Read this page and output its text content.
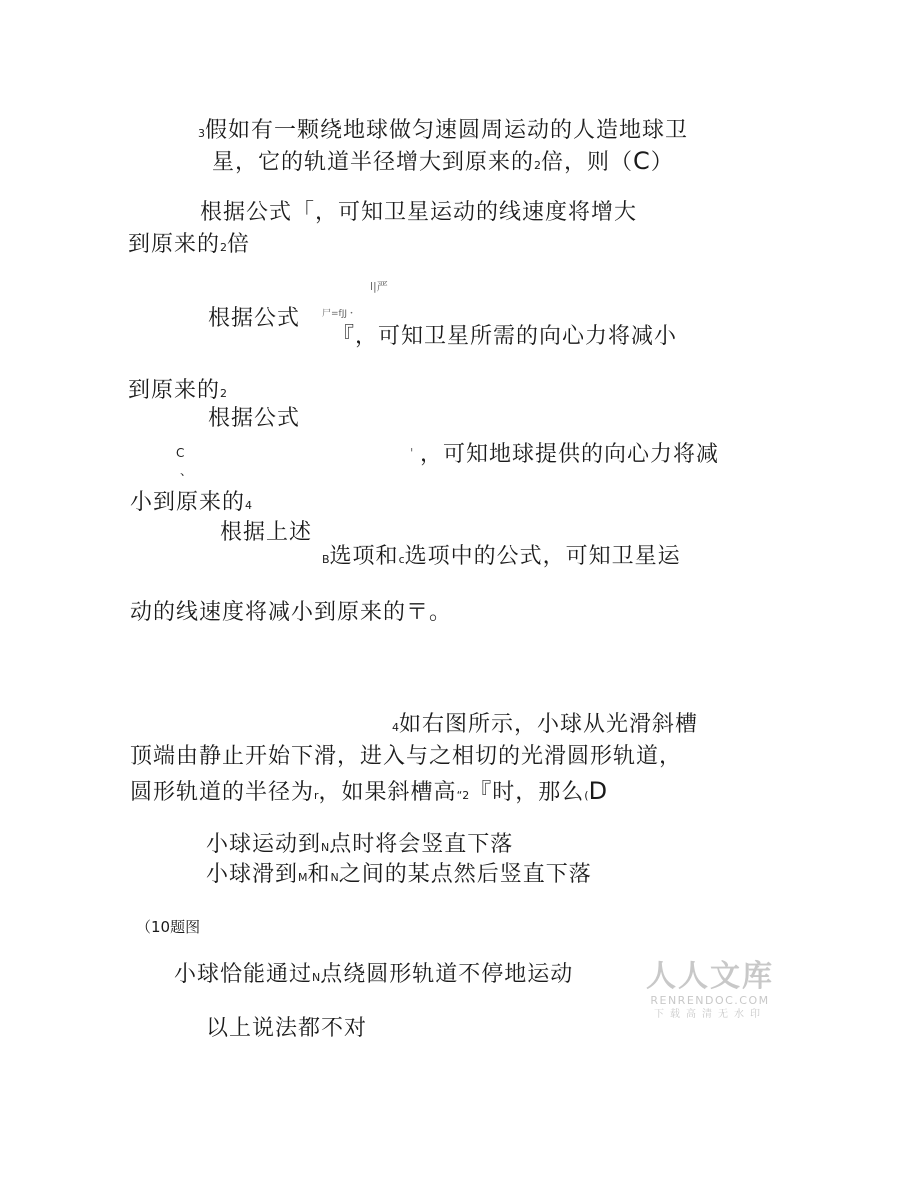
3假如有一颗绕地球做匀速圆周运动的人造地球卫
星，它的轨道半径增大到原来的2倍，则（C）
根据公式「，可知卫星运动的线速度将增大
到原来的2倍
l|严
尸=fJJ・
根据公式
『，可知卫星所需的向心力将减小
到原来的2
根据公式
C
、
' ，可知地球提供的向心力将减
小到原来的4
根据上述
B选项和c选项中的公式，可知卫星运
动的线速度将减小到原来的〒。
4如右图所示，小球从光滑斜槽
顶端由静止开始下滑，进入与之相切的光滑圆形轨道，
圆形轨道的半径为r，如果斜槽高“2『时，那么(D
小球运动到N点时将会竖直下落
小球滑到M和N之间的某点然后竖直下落
（10题图
小球恰能通过N点绕圆形轨道不停地运动
以上说法都不对
人人文库
RENRENDOC.COM
下载高清无水印
